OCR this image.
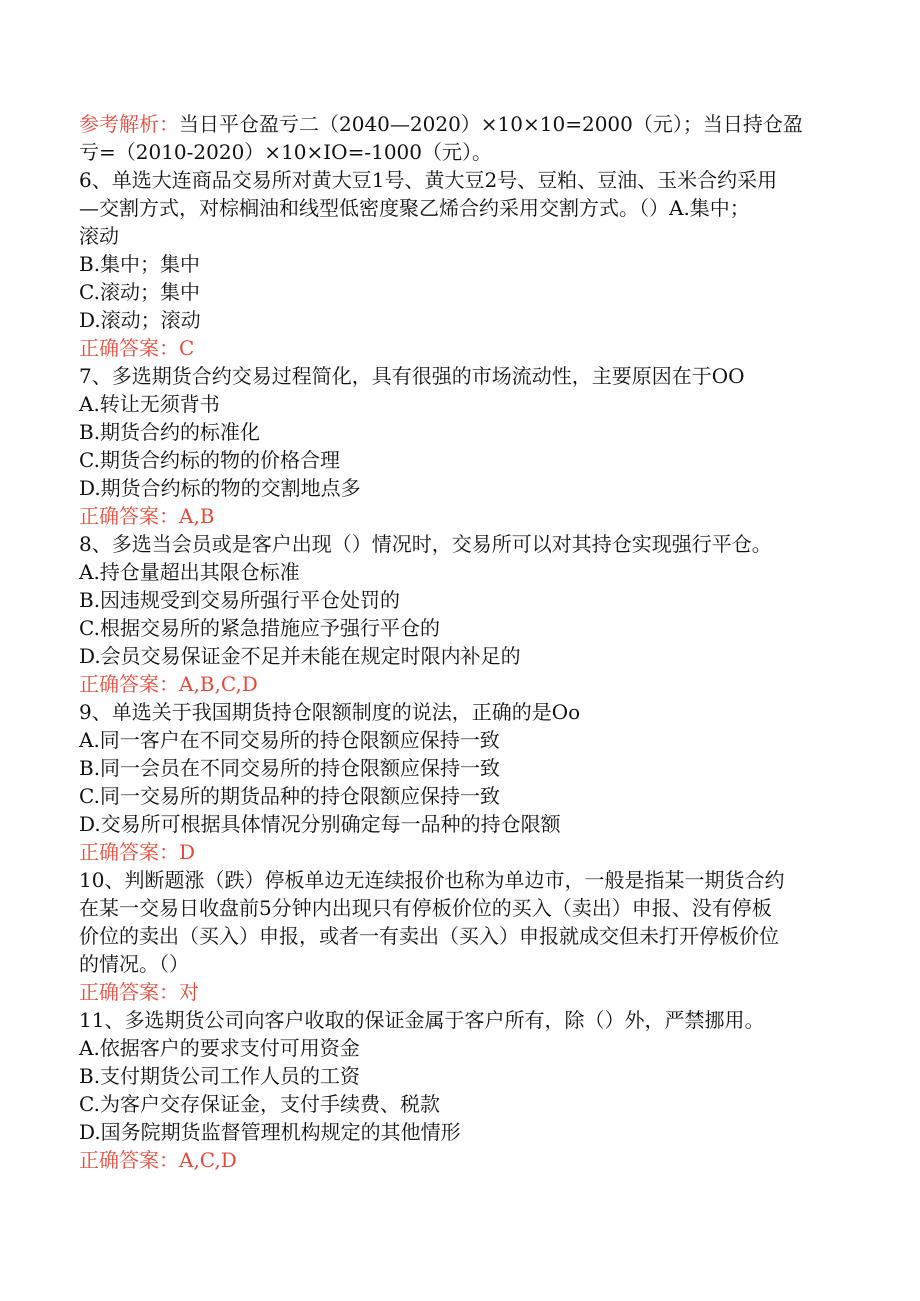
参考解析：当日平仓盈亏二（2040—2020）×10×10=2000（元）；当日持仓盈
亏=（2010-2020）×10×IO=-1000（元）。
6、单选大连商品交易所对黄大豆1号、黄大豆2号、豆粕、豆油、玉米合约采用
—交割方式，对棕榈油和线型低密度聚乙烯合约采用交割方式。（）A.集中；
滚动
B.集中；集中
C.滚动；集中
D.滚动；滚动
正确答案：C
7、多选期货合约交易过程简化，具有很强的市场流动性，主要原因在于OO
A.转让无须背书
B.期货合约的标准化
C.期货合约标的物的价格合理
D.期货合约标的物的交割地点多
正确答案：A,B
8、多选当会员或是客户出现（）情况时，交易所可以对其持仓实现强行平仓。
A.持仓量超出其限仓标准
B.因违规受到交易所强行平仓处罚的
C.根据交易所的紧急措施应予强行平仓的
D.会员交易保证金不足并未能在规定时限内补足的
正确答案：A,B,C,D
9、单选关于我国期货持仓限额制度的说法，正确的是Oo
A.同一客户在不同交易所的持仓限额应保持一致
B.同一会员在不同交易所的持仓限额应保持一致
C.同一交易所的期货品种的持仓限额应保持一致
D.交易所可根据具体情况分别确定每一品种的持仓限额
正确答案：D
10、判断题涨（跌）停板单边无连续报价也称为单边市，一般是指某一期货合约
在某一交易日收盘前5分钟内出现只有停板价位的买入（卖出）申报、没有停板
价位的卖出（买入）申报，或者一有卖出（买入）申报就成交但未打开停板价位
的情况。（）
正确答案：对
11、多选期货公司向客户收取的保证金属于客户所有，除（）外，严禁挪用。
A.依据客户的要求支付可用资金
B.支付期货公司工作人员的工资
C.为客户交存保证金，支付手续费、税款
D.国务院期货监督管理机构规定的其他情形
正确答案：A,C,D
